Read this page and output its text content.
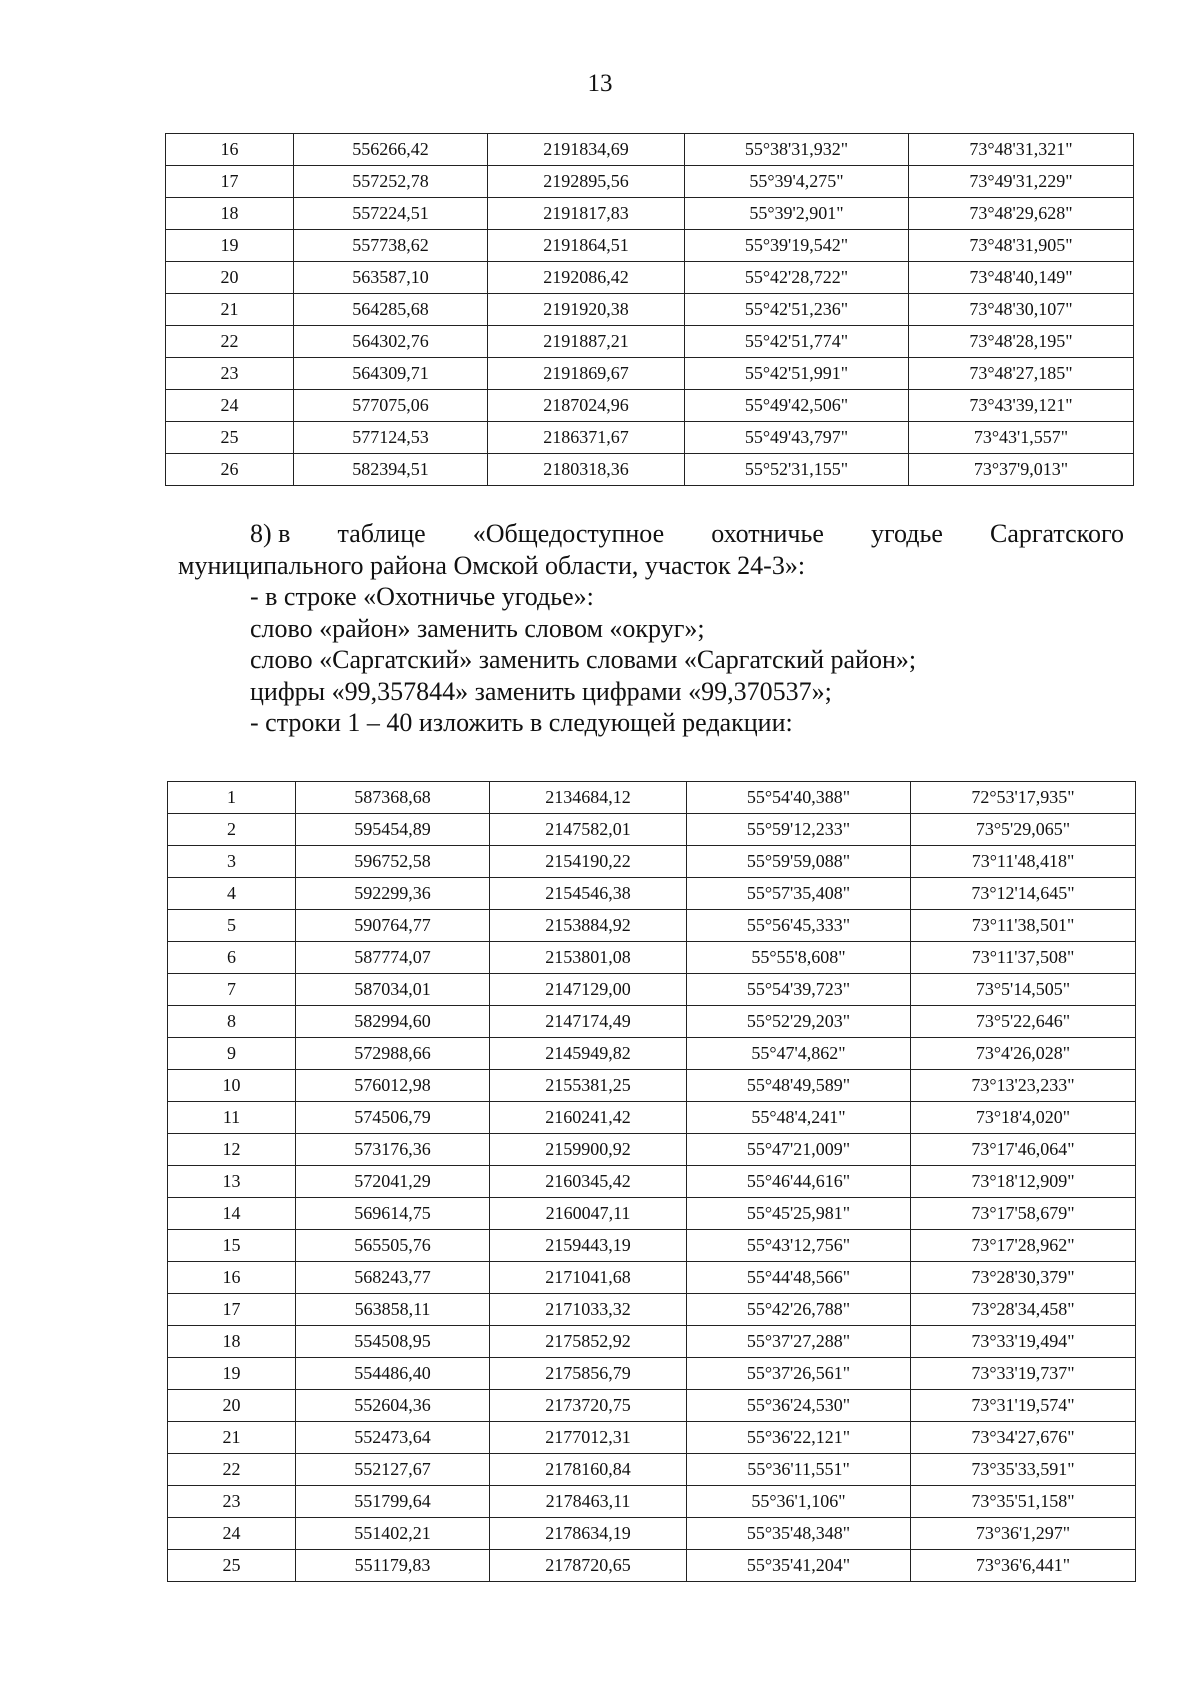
13
16	556266,42	2191834,69	55°38'31,932"	73°48'31,321"
17	557252,78	2192895,56	55°39'4,275"	73°49'31,229"
18	557224,51	2191817,83	55°39'2,901"	73°48'29,628"
19	557738,62	2191864,51	55°39'19,542"	73°48'31,905"
20	563587,10	2192086,42	55°42'28,722"	73°48'40,149"
21	564285,68	2191920,38	55°42'51,236"	73°48'30,107"
22	564302,76	2191887,21	55°42'51,774"	73°48'28,195"
23	564309,71	2191869,67	55°42'51,991"	73°48'27,185"
24	577075,06	2187024,96	55°49'42,506"	73°43'39,121"
25	577124,53	2186371,67	55°49'43,797"	73°43'1,557"
26	582394,51	2180318,36	55°52'31,155"	73°37'9,013"
8) в таблице «Общедоступное охотничье угодье Саргатского
муниципального района Омской области, участок 24-3»:
- в строке «Охотничье угодье»:
слово «район» заменить словом «округ»;
слово «Саргатский» заменить словами «Саргатский район»;
цифры «99,357844» заменить цифрами «99,370537»;
- строки 1 – 40 изложить в следующей редакции:
1	587368,68	2134684,12	55°54'40,388"	72°53'17,935"
2	595454,89	2147582,01	55°59'12,233"	73°5'29,065"
3	596752,58	2154190,22	55°59'59,088"	73°11'48,418"
4	592299,36	2154546,38	55°57'35,408"	73°12'14,645"
5	590764,77	2153884,92	55°56'45,333"	73°11'38,501"
6	587774,07	2153801,08	55°55'8,608"	73°11'37,508"
7	587034,01	2147129,00	55°54'39,723"	73°5'14,505"
8	582994,60	2147174,49	55°52'29,203"	73°5'22,646"
9	572988,66	2145949,82	55°47'4,862"	73°4'26,028"
10	576012,98	2155381,25	55°48'49,589"	73°13'23,233"
11	574506,79	2160241,42	55°48'4,241"	73°18'4,020"
12	573176,36	2159900,92	55°47'21,009"	73°17'46,064"
13	572041,29	2160345,42	55°46'44,616"	73°18'12,909"
14	569614,75	2160047,11	55°45'25,981"	73°17'58,679"
15	565505,76	2159443,19	55°43'12,756"	73°17'28,962"
16	568243,77	2171041,68	55°44'48,566"	73°28'30,379"
17	563858,11	2171033,32	55°42'26,788"	73°28'34,458"
18	554508,95	2175852,92	55°37'27,288"	73°33'19,494"
19	554486,40	2175856,79	55°37'26,561"	73°33'19,737"
20	552604,36	2173720,75	55°36'24,530"	73°31'19,574"
21	552473,64	2177012,31	55°36'22,121"	73°34'27,676"
22	552127,67	2178160,84	55°36'11,551"	73°35'33,591"
23	551799,64	2178463,11	55°36'1,106"	73°35'51,158"
24	551402,21	2178634,19	55°35'48,348"	73°36'1,297"
25	551179,83	2178720,65	55°35'41,204"	73°36'6,441"
